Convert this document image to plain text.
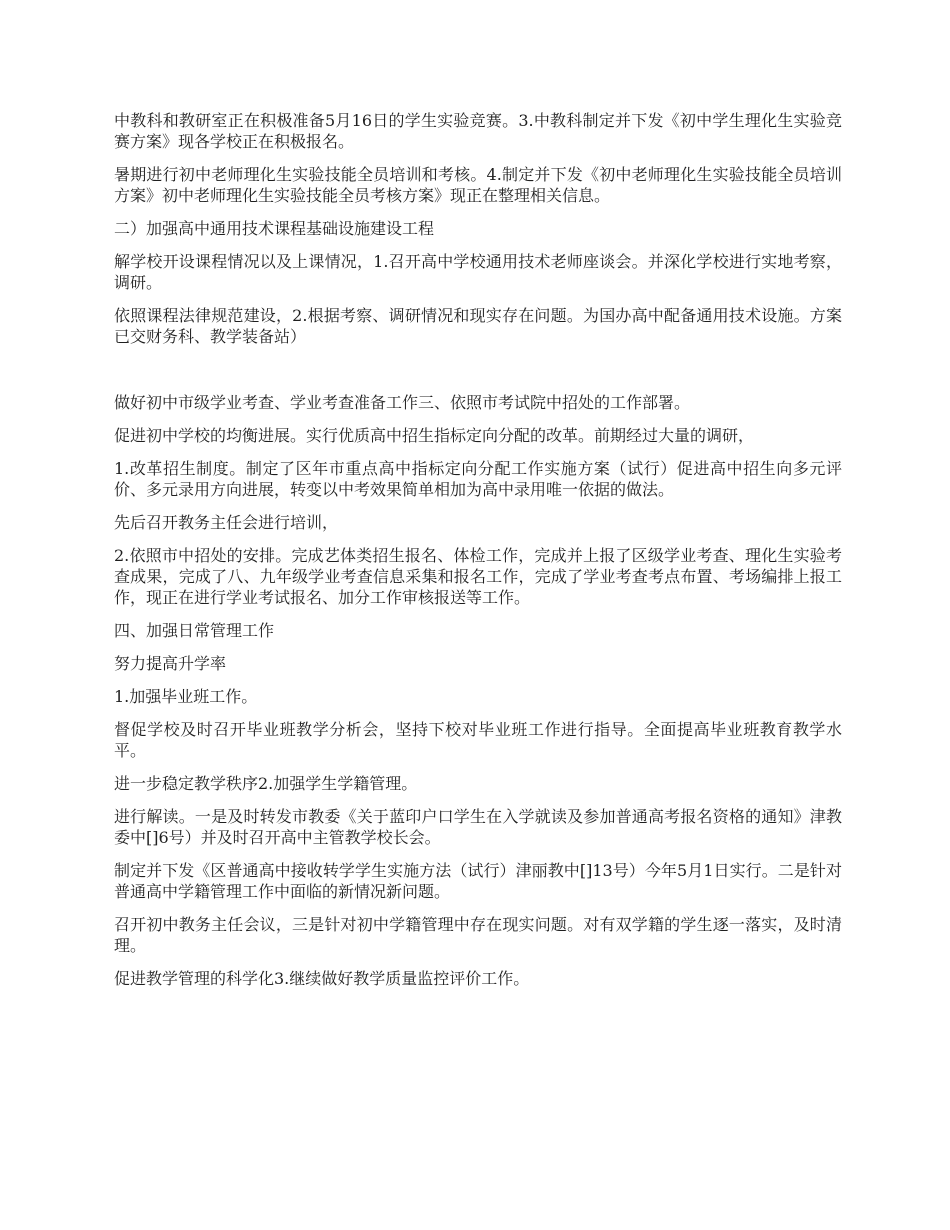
中教科和教研室正在积极准备5月16日的学生实验竞赛。3.中教科制定并下发《初中学生理化生实验竞赛方案》现各学校正在积极报名。

暑期进行初中老师理化生实验技能全员培训和考核。4.制定并下发《初中老师理化生实验技能全员培训方案》初中老师理化生实验技能全员考核方案》现正在整理相关信息。

二）加强高中通用技术课程基础设施建设工程

解学校开设课程情况以及上课情况，1.召开高中学校通用技术老师座谈会。并深化学校进行实地考察，调研。

依照课程法律规范建设，2.根据考察、调研情况和现实存在问题。为国办高中配备通用技术设施。方案已交财务科、教学装备站）

做好初中市级学业考查、学业考查准备工作三、依照市考试院中招处的工作部署。

促进初中学校的均衡进展。实行优质高中招生指标定向分配的改革。前期经过大量的调研，

1.改革招生制度。制定了区年市重点高中指标定向分配工作实施方案（试行）促进高中招生向多元评价、多元录用方向进展，转变以中考效果简单相加为高中录用唯一依据的做法。

先后召开教务主任会进行培训，

2.依照市中招处的安排。完成艺体类招生报名、体检工作，完成并上报了区级学业考查、理化生实验考查成果，完成了八、九年级学业考查信息采集和报名工作，完成了学业考查考点布置、考场编排上报工作，现正在进行学业考试报名、加分工作审核报送等工作。

四、加强日常管理工作

努力提高升学率

1.加强毕业班工作。

督促学校及时召开毕业班教学分析会，坚持下校对毕业班工作进行指导。全面提高毕业班教育教学水平。

进一步稳定教学秩序2.加强学生学籍管理。

进行解读。一是及时转发市教委《关于蓝印户口学生在入学就读及参加普通高考报名资格的通知》津教委中[]6号）并及时召开高中主管教学校长会。

制定并下发《区普通高中接收转学学生实施方法（试行）津丽教中[]13号）今年5月1日实行。二是针对普通高中学籍管理工作中面临的新情况新问题。

召开初中教务主任会议，三是针对初中学籍管理中存在现实问题。对有双学籍的学生逐一落实，及时清理。

促进教学管理的科学化3.继续做好教学质量监控评价工作。
